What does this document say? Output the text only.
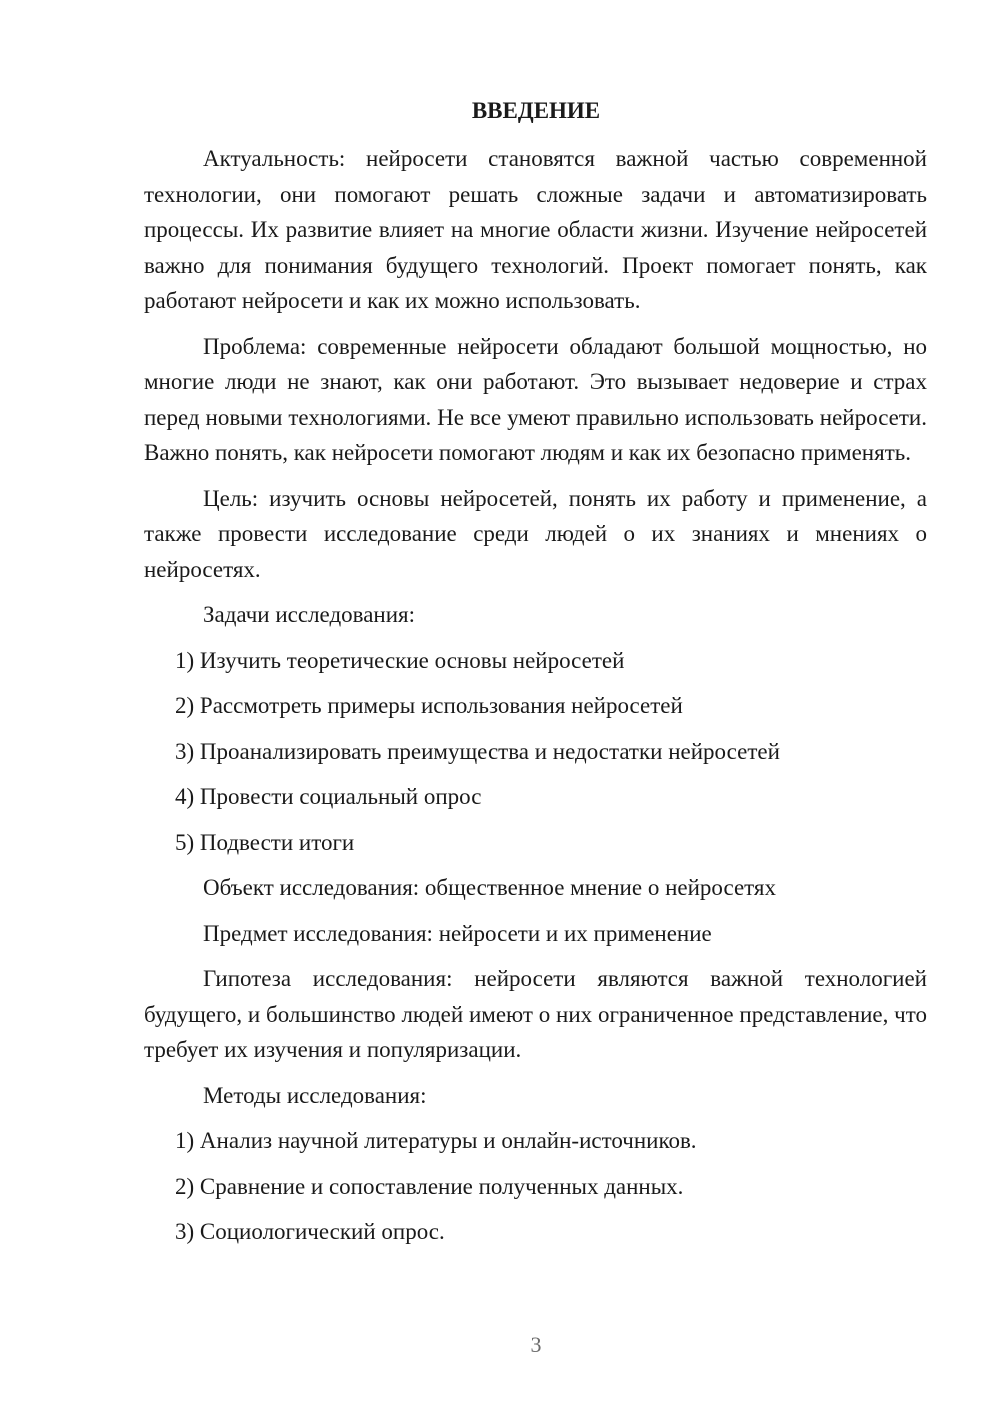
ВВЕДЕНИЕ

Актуальность: нейросети становятся важной частью современной технологии, они помогают решать сложные задачи и автоматизировать процессы. Их развитие влияет на многие области жизни. Изучение нейросетей важно для понимания будущего технологий. Проект помогает понять, как работают нейросети и как их можно использовать.

Проблема: современные нейросети обладают большой мощностью, но многие люди не знают, как они работают. Это вызывает недоверие и страх перед новыми технологиями. Не все умеют правильно использовать нейросети. Важно понять, как нейросети помогают людям и как их безопасно применять.

Цель: изучить основы нейросетей, понять их работу и применение, а также провести исследование среди людей о их знаниях и мнениях о нейросетях.

Задачи исследования:

1) Изучить теоретические основы нейросетей
2) Рассмотреть примеры использования нейросетей
3) Проанализировать преимущества и недостатки нейросетей
4) Провести социальный опрос
5) Подвести итоги

Объект исследования: общественное мнение о нейросетях

Предмет исследования: нейросети и их применение

Гипотеза исследования: нейросети являются важной технологией будущего, и большинство людей имеют о них ограниченное представление, что требует их изучения и популяризации.

Методы исследования:

1) Анализ научной литературы и онлайн-источников.
2) Сравнение и сопоставление полученных данных.
3) Социологический опрос.
3
